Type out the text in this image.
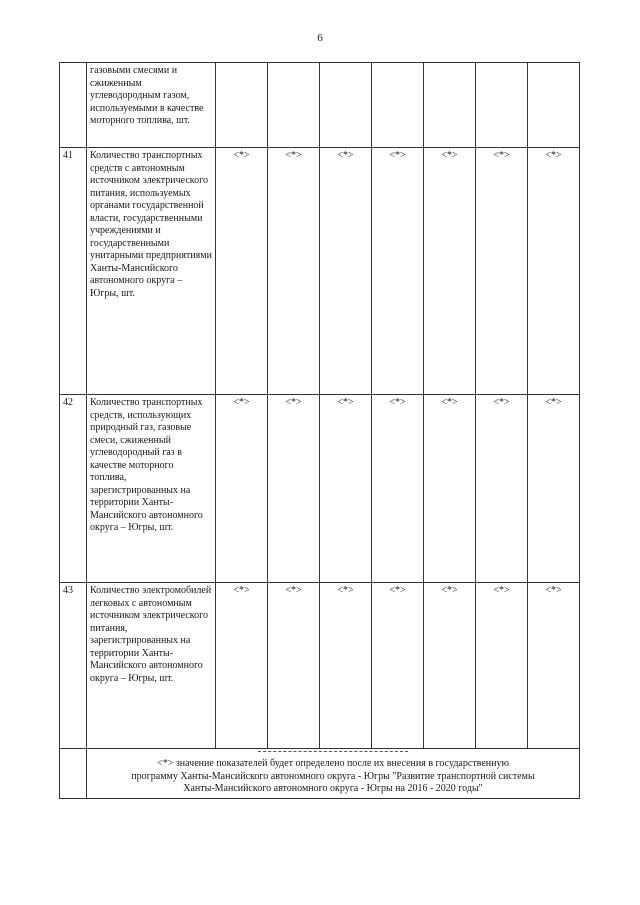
6
	газовыми смесями и сжиженным углеводородным газом, используемыми в качестве моторного топлива, шт.							
41	Количество транспортных средств с автономным источником электрического питания, используемых органами государственной власти, государственными учреждениями и государственными унитарными предприятиями Ханты-Мансийского автономного округа – Югры, шт.	<*>	<*>	<*>	<*>	<*>	<*>	<*>
42	Количество транспортных средств, использующих природный газ, газовые смеси, сжиженный углеводородный газ в качестве моторного топлива, зарегистрированных на территории Ханты-Мансийского автономного округа – Югры, шт.	<*>	<*>	<*>	<*>	<*>	<*>	<*>
43	Количество электромобилей легковых с автономным источником электрического питания, зарегистрированных на территории Ханты-Мансийского автономного округа – Югры, шт.	<*>	<*>	<*>	<*>	<*>	<*>	<*>

	<*> значение показателей будет определено после их внесения в государственную
программу Ханты-Мансийского автономного округа - Югры "Развитие транспортной системы
Ханты-Мансийского автономного округа - Югры на 2016 - 2020 годы"							
